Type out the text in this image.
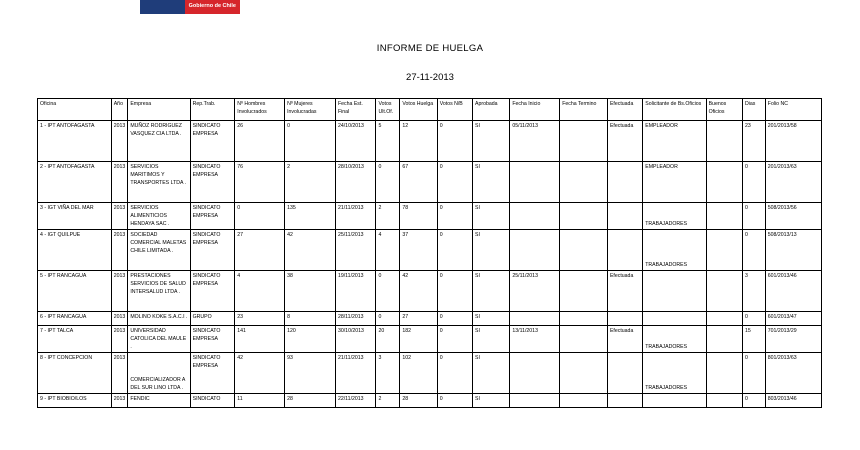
Gobierno de Chile
INFORME DE HUELGA
27-11-2013
Oficina	Año	Empresa	Rep.Trab.	Nº Hombres Involucrados	Nº Mujeres Involucradas	Fecha Est. Final	Votos Ult.Of.	Votos Huelga	Votos N/B	Aprobada	Fecha Inicio	Fecha Termino	Efectuada	Solicitante de Bs.Oficios	Buenos Oficios	Dias	Folio NC
1 - IPT ANTOFAGASTA	2013	MUÑOZ RODRIGUEZ VASQUEZ CIA LTDA .	SINDICATO EMPRESA	26	0	24/10/2013	5	12	0	SI	05/11/2013		Efectuada	EMPLEADOR		23	201/2013/58
2 - IPT ANTOFAGASTA	2013	SERVICIOS MARITIMOS Y TRANSPORTES LTDA .	SINDICATO EMPRESA	76	2	28/10/2013	0	67	0	SI				EMPLEADOR		0	201/2013/63
3 - IGT VIÑA DEL MAR	2013	SERVICIOS ALIMENTICIOS HENDAYA SAC .	SINDICATO EMPRESA	0	135	21/11/2013	2	78	0	SI				TRABAJADORES		0	508/2013/56
4 - IGT QUILPUE	2013	SOCIEDAD COMERCIAL MALETAS CHILE LIMITADA .	SINDICATO EMPRESA	27	42	25/11/2013	4	37	0	SI				TRABAJADORES		0	508/2013/13
5 - IPT RANCAGUA	2013	PRESTACIONES SERVICIOS DE SALUD INTERSALUD LTDA .	SINDICATO EMPRESA	4	38	19/11/2013	0	42	0	SI	25/11/2013		Efectuada			3	601/2013/46
6 - IPT RANCAGUA	2013	MOLINO KOKE S.A.C.I .	GRUPO	23	8	28/11/2013	0	27	0	SI						0	601/2013/47
7 - IPT TALCA	2013	UNIVERSIDAD CATOLICA DEL MAULE .	SINDICATO EMPRESA	141	120	30/10/2013	20	182	0	SI	13/11/2013		Efectuada	TRABAJADORES		15	701/2013/29
8 - IPT CONCEPCION	2013	COMERCIALIZADOR A DEL SUR LINO LTDA .	SINDICATO EMPRESA	42	93	21/11/2013	3	102	0	SI				TRABAJADORES		0	801/2013/63
9 - IPT BIOBIO/LOS	2013	FENDIC	SINDICATO	11	28	22/11/2013	2	28	0	SI						0	803/2013/46
